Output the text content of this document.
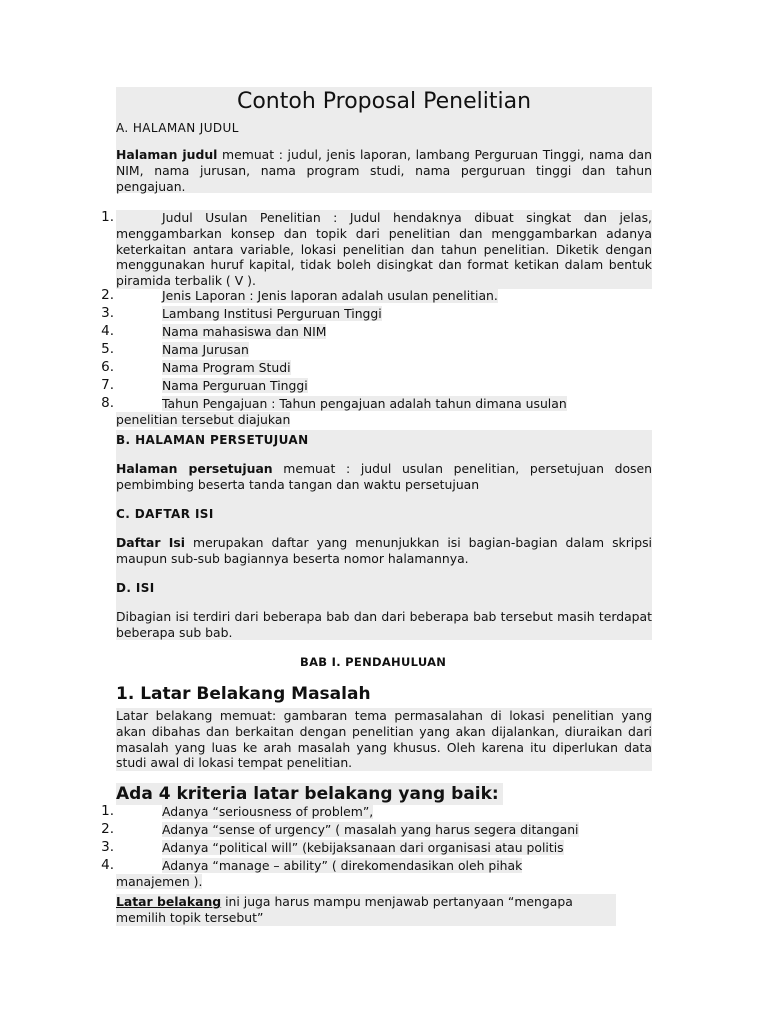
Contoh Proposal Penelitian
A. HALAMAN JUDUL
Halaman judul memuat : judul, jenis laporan, lambang Perguruan Tinggi, nama dan NIM, nama jurusan, nama program studi, nama perguruan tinggi dan tahun pengajuan.
1.	Judul Usulan Penelitian : Judul hendaknya dibuat singkat dan jelas, menggambarkan konsep dan topik dari penelitian dan menggambarkan adanya keterkaitan antara variable, lokasi penelitian dan tahun penelitian. Diketik dengan menggunakan huruf kapital, tidak boleh disingkat dan format ketikan dalam bentuk piramida terbalik ( V ).
2.	Jenis Laporan : Jenis laporan adalah usulan penelitian.
3.	Lambang Institusi Perguruan Tinggi
4.	Nama mahasiswa dan NIM
5.	Nama Jurusan
6.	Nama Program Studi
7.	Nama Perguruan Tinggi
8.	Tahun Pengajuan : Tahun pengajuan adalah tahun dimana usulan
penelitian tersebut diajukan
B. HALAMAN PERSETUJUAN
Halaman persetujuan memuat : judul usulan penelitian, persetujuan dosen pembimbing beserta tanda tangan dan waktu persetujuan
C. DAFTAR ISI
Daftar Isi merupakan daftar yang menunjukkan isi bagian-bagian dalam skripsi maupun sub-sub bagiannya beserta nomor halamannya.
D. ISI
Dibagian isi terdiri dari beberapa bab dan dari beberapa bab tersebut masih terdapat beberapa sub bab.
BAB I. PENDAHULUAN
1. Latar Belakang Masalah
Latar belakang memuat: gambaran tema permasalahan di lokasi penelitian yang akan dibahas dan berkaitan dengan penelitian yang akan dijalankan, diuraikan dari masalah yang luas ke arah masalah yang khusus. Oleh karena itu diperlukan data studi awal di lokasi tempat penelitian.
Ada 4 kriteria latar belakang yang baik:
1.	Adanya “seriousness of problem”,
2.	Adanya “sense of urgency” ( masalah yang harus segera ditangani
3.	Adanya “political will” (kebijaksanaan dari organisasi atau politis
4.	Adanya “manage – ability” ( direkomendasikan oleh pihak
manajemen ).
Latar belakang ini juga harus mampu menjawab pertanyaan “mengapa memilih topik tersebut”
